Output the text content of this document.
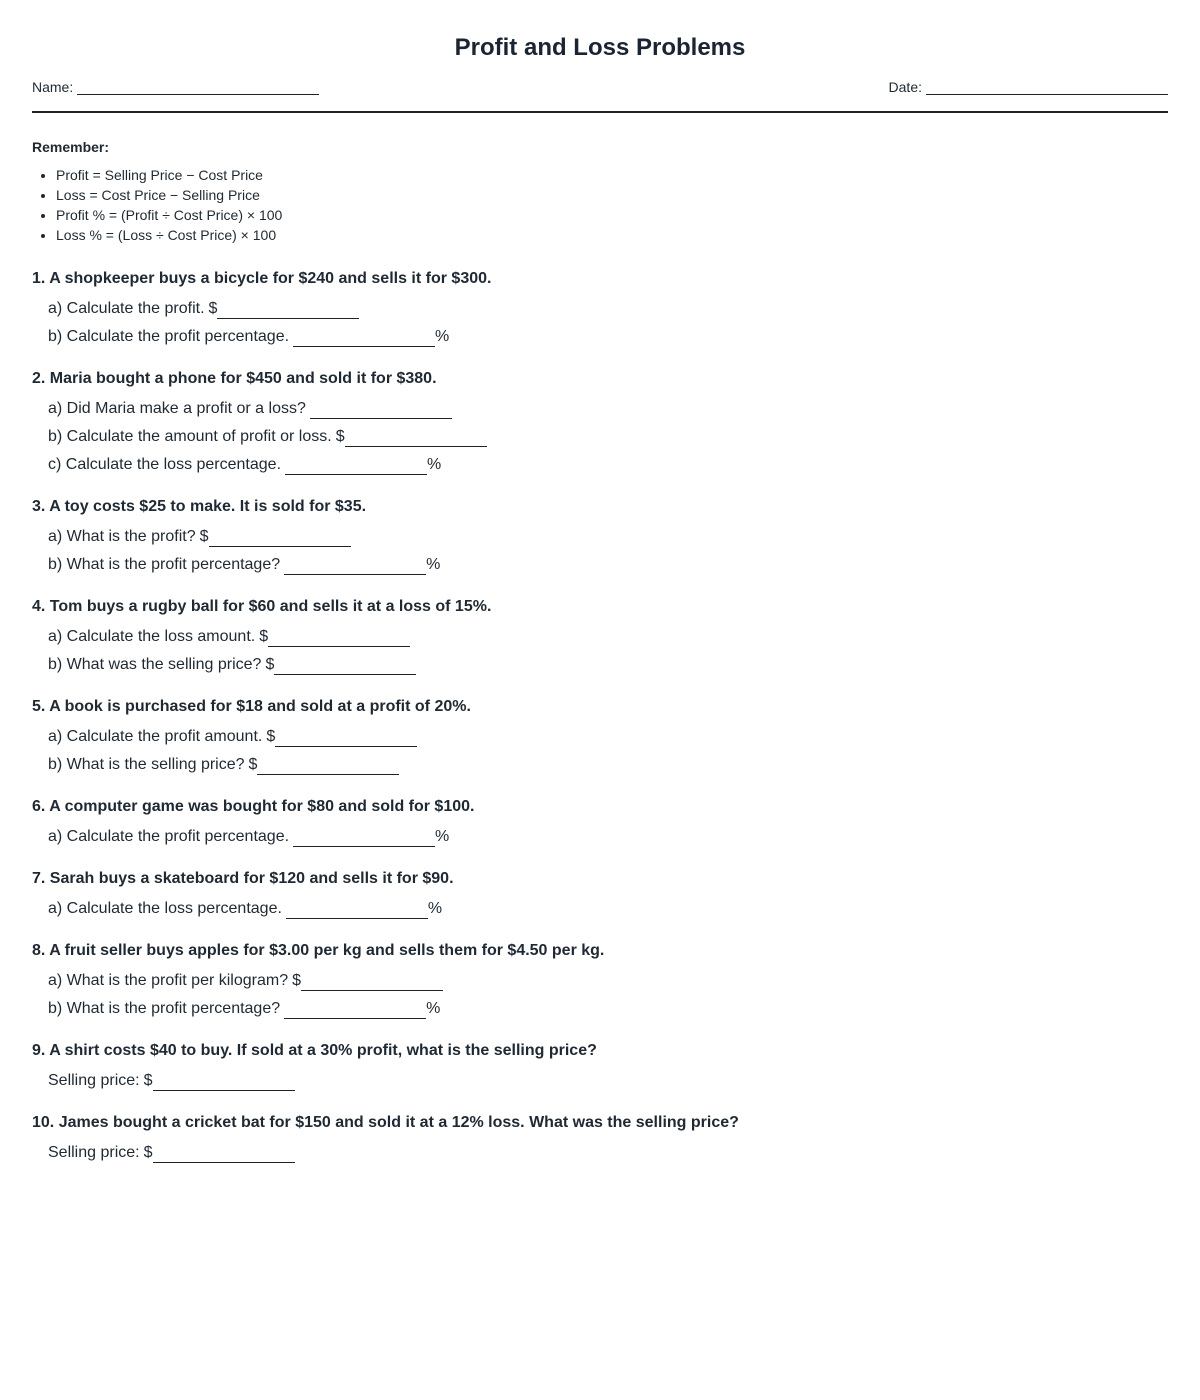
Profit and Loss Problems
Name:	Date:

Remember:

• Profit = Selling Price − Cost Price
• Loss = Cost Price − Selling Price
• Profit % = (Profit ÷ Cost Price) × 100
• Loss % = (Loss ÷ Cost Price) × 100

1. A shopkeeper buys a bicycle for $240 and sells it for $300.

a) Calculate the profit. $
b) Calculate the profit percentage.	%

2. Maria bought a phone for $450 and sold it for $380.

a) Did Maria make a profit or a loss?
b) Calculate the amount of profit or loss. $
c) Calculate the loss percentage.	%

3. A toy costs $25 to make. It is sold for $35.

a) What is the profit? $
b) What is the profit percentage?	%

4. Tom buys a rugby ball for $60 and sells it at a loss of 15%.

a) Calculate the loss amount. $
b) What was the selling price? $

5. A book is purchased for $18 and sold at a profit of 20%.

a) Calculate the profit amount. $
b) What is the selling price? $

6. A computer game was bought for $80 and sold for $100.

a) Calculate the profit percentage.	%

7. Sarah buys a skateboard for $120 and sells it for $90.

a) Calculate the loss percentage.	%

8. A fruit seller buys apples for $3.00 per kg and sells them for $4.50 per kg.

a) What is the profit per kilogram? $
b) What is the profit percentage?	%

9. A shirt costs $40 to buy. If sold at a 30% profit, what is the selling price?

Selling price: $

10. James bought a cricket bat for $150 and sold it at a 12% loss. What was the selling price?

Selling price: $
